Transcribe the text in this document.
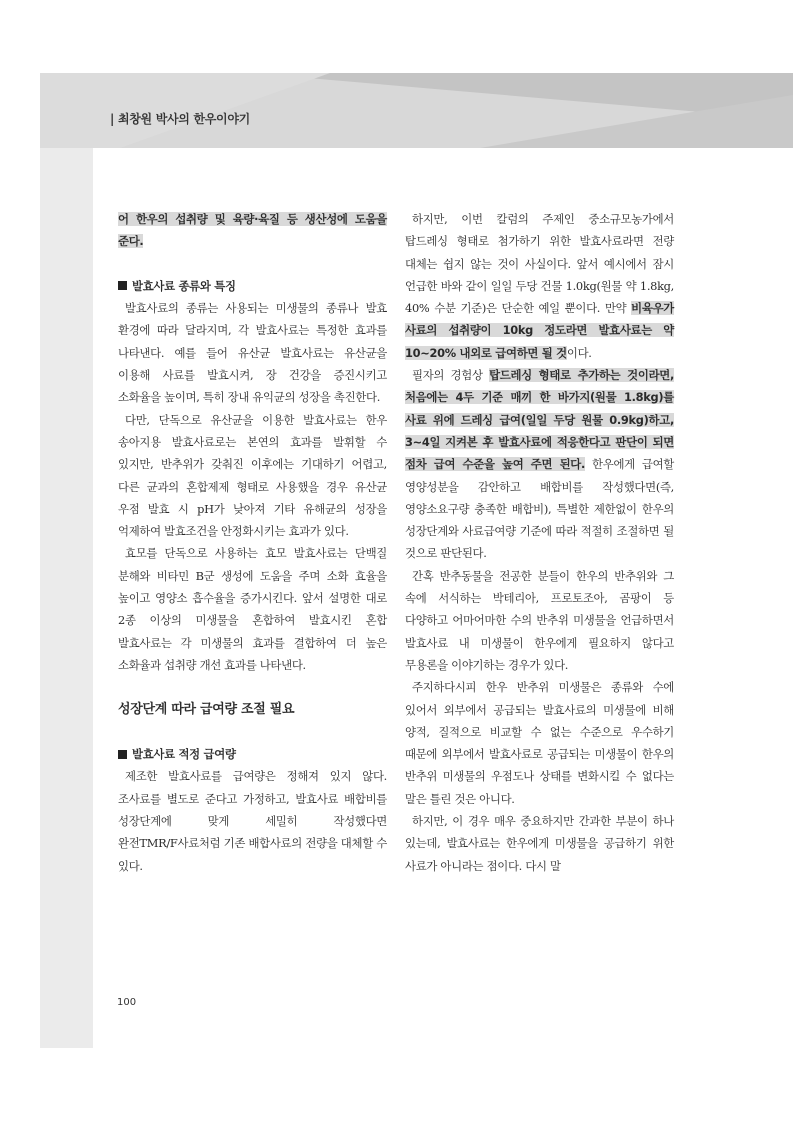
| 최창원 박사의 한우이야기

어 한우의 섭취량 및 육량·육질 등 생산성에 도움을 준다.

발효사료 종류와 특징

발효사료의 종류는 사용되는 미생물의 종류나 발효 환경에 따라 달라지며, 각 발효사료는 특정한 효과를 나타낸다. 예를 들어 유산균 발효사료는 유산균을 이용해 사료를 발효시켜, 장 건강을 증진시키고 소화율을 높이며, 특히 장내 유익균의 성장을 촉진한다.

다만, 단독으로 유산균을 이용한 발효사료는 한우 송아지용 발효사료로는 본연의 효과를 발휘할 수 있지만, 반추위가 갖춰진 이후에는 기대하기 어렵고, 다른 균과의 혼합제제 형태로 사용했을 경우 유산균 우점 발효 시 pH가 낮아져 기타 유해균의 성장을 억제하여 발효조건을 안정화시키는 효과가 있다.

효모를 단독으로 사용하는 효모 발효사료는 단백질 분해와 비타민 B군 생성에 도움을 주며 소화 효율을 높이고 영양소 흡수율을 증가시킨다. 앞서 설명한 대로 2종 이상의 미생물을 혼합하여 발효시킨 혼합 발효사료는 각 미생물의 효과를 결합하여 더 높은 소화율과 섭취량 개선 효과를 나타낸다.

성장단계 따라 급여량 조절 필요
발효사료 적정 급여량

제조한 발효사료를 급여량은 정해져 있지 않다. 조사료를 별도로 준다고 가정하고, 발효사료 배합비를 성장단계에 맞게 세밀히 작성했다면 완전TMR/F사료처럼 기존 배합사료의 전량을 대체할 수 있다.

하지만, 이번 칼럼의 주제인 중소규모농가에서 탑드레싱 형태로 첨가하기 위한 발효사료라면 전량 대체는 쉽지 않는 것이 사실이다. 앞서 예시에서 잠시 언급한 바와 같이 일일 두당 건물 1.0kg(원물 약 1.8kg, 40% 수분 기준)은 단순한 예일 뿐이다. 만약 비육우가 사료의 섭취량이 10kg 정도라면 발효사료는 약 10~20% 내외로 급여하면 될 것이다.

필자의 경험상 탑드레싱 형태로 추가하는 것이라면, 처음에는 4두 기준 매끼 한 바가지(원물 1.8kg)를 사료 위에 드레싱 급여(일일 두당 원물 0.9kg)하고, 3~4일 지켜본 후 발효사료에 적응한다고 판단이 되면 점차 급여 수준을 높여 주면 된다. 한우에게 급여할 영양성분을 감안하고 배합비를 작성했다면(즉, 영양소요구량 충족한 배합비), 특별한 제한없이 한우의 성장단계와 사료급여량 기준에 따라 적절히 조절하면 될 것으로 판단된다.

간혹 반추동물을 전공한 분들이 한우의 반추위와 그 속에 서식하는 박테리아, 프로토조아, 곰팡이 등 다양하고 어마어마한 수의 반추위 미생물을 언급하면서 발효사료 내 미생물이 한우에게 필요하지 않다고 무용론을 이야기하는 경우가 있다.

주지하다시피 한우 반추위 미생물은 종류와 수에 있어서 외부에서 공급되는 발효사료의 미생물에 비해 양적, 질적으로 비교할 수 없는 수준으로 우수하기 때문에 외부에서 발효사료로 공급되는 미생물이 한우의 반추위 미생물의 우점도나 상태를 변화시킬 수 없다는 말은 틀린 것은 아니다.

하지만, 이 경우 매우 중요하지만 간과한 부분이 하나 있는데, 발효사료는 한우에게 미생물을 공급하기 위한 사료가 아니라는 점이다. 다시 말

100
